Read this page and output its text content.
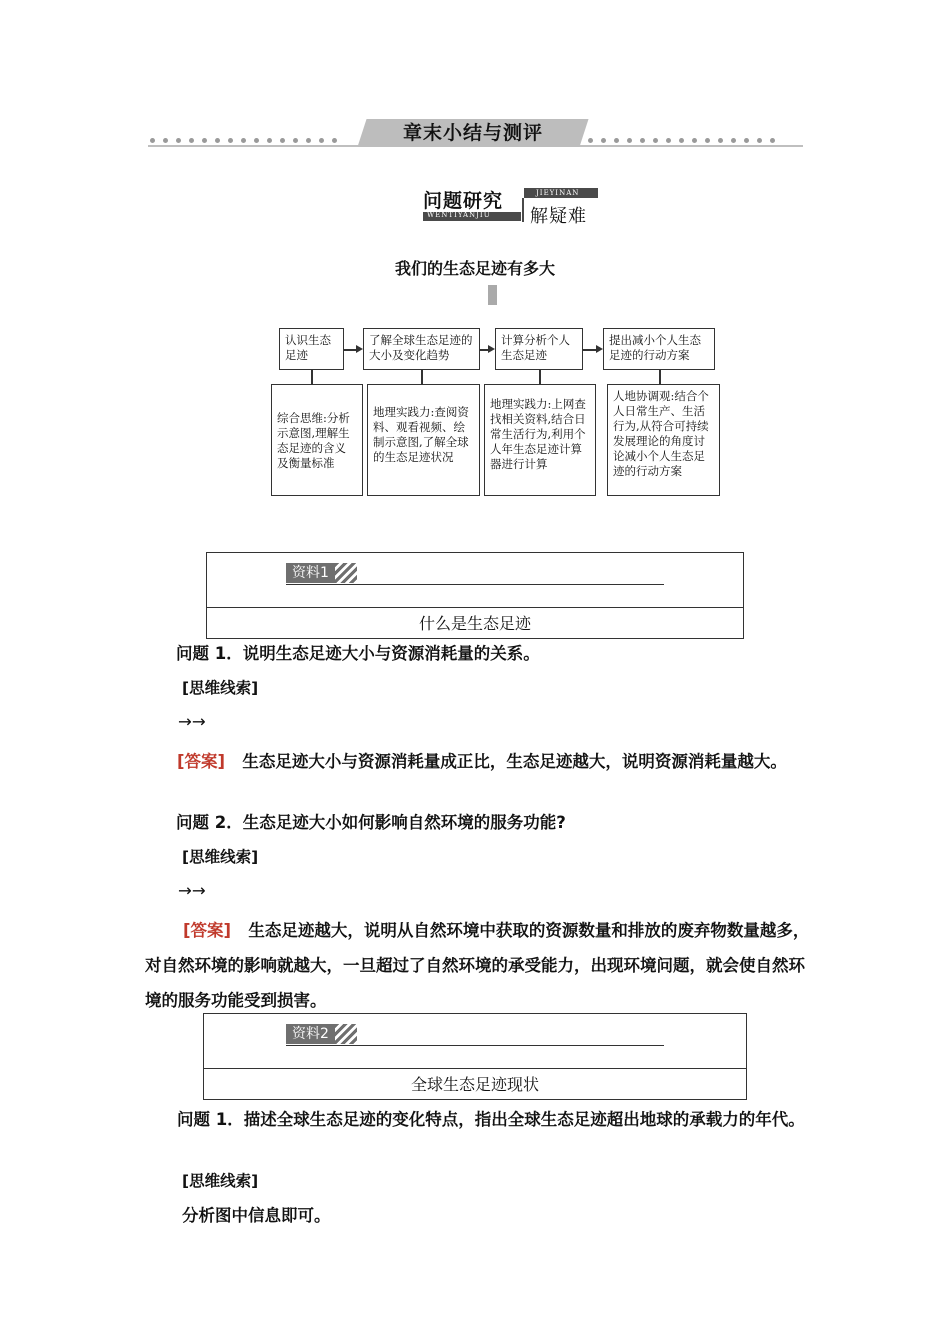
章末小结与测评
问题研究
WENTIYANJIU
JIEYINAN
解疑难
我们的生态足迹有多大
认识生态足迹
了解全球生态足迹的大小及变化趋势
计算分析个人生态足迹
提出减小个人生态足迹的行动方案
综合思维:分析示意图,理解生态足迹的含义及衡量标准
地理实践力:查阅资料、观看视频、绘制示意图,了解全球的生态足迹状况
地理实践力:上网查找相关资料,结合日常生活行为,利用个人年生态足迹计算器进行计算
人地协调观:结合个人日常生产、生活行为,从符合可持续发展理论的角度讨论减小个人生态足迹的行动方案
资料1
什么是生态足迹
问题 1．说明生态足迹大小与资源消耗量的关系。
[思维线索]
→→
[答案] 生态足迹大小与资源消耗量成正比，生态足迹越大，说明资源消耗量越大。
问题 2．生态足迹大小如何影响自然环境的服务功能?
[思维线索]
→→
[答案] 生态足迹越大，说明从自然环境中获取的资源数量和排放的废弃物数量越多，对自然环境的影响就越大，一旦超过了自然环境的承受能力，出现环境问题，就会使自然环境的服务功能受到损害。
资料2
全球生态足迹现状
问题 1．描述全球生态足迹的变化特点，指出全球生态足迹超出地球的承载力的年代。
[思维线索]
分析图中信息即可。
